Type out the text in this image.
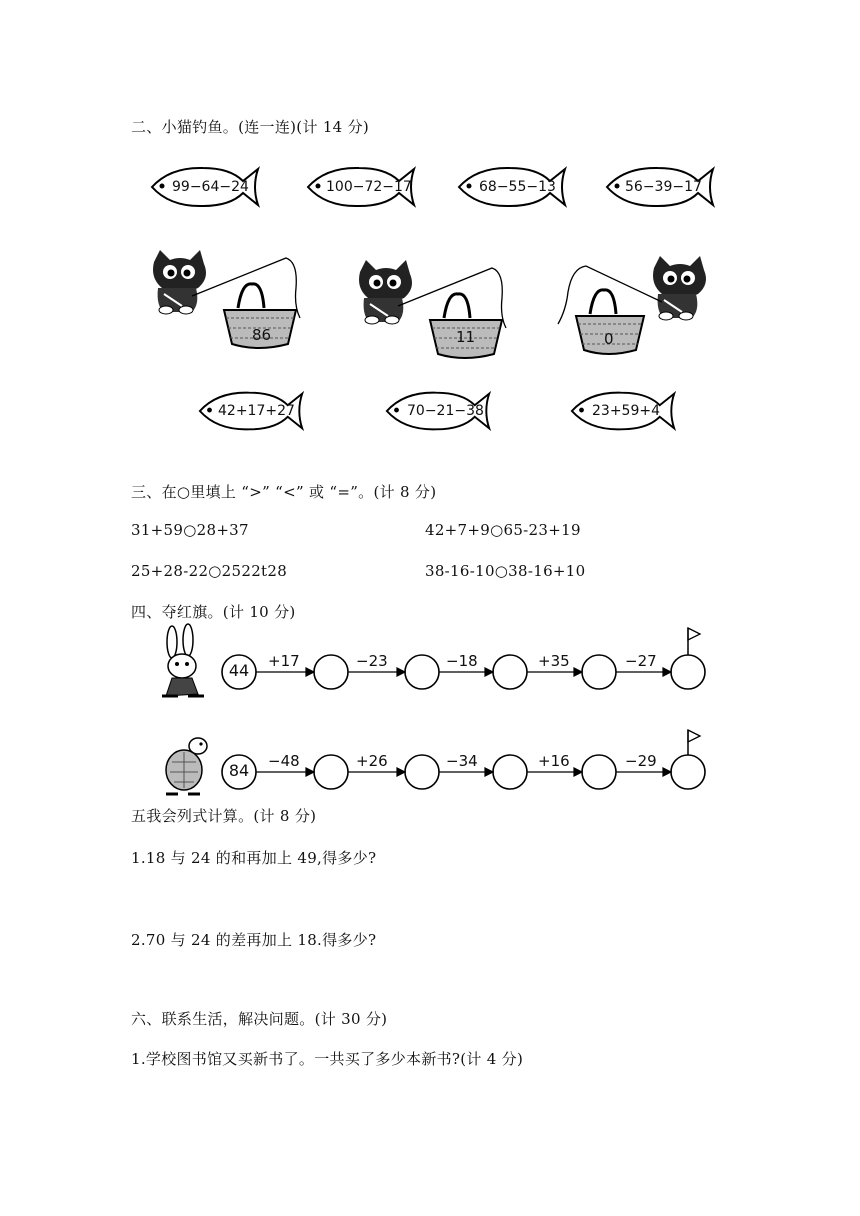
二、小猫钓鱼。(连一连)(计 14 分)
99−64−24	100−72−17	68−55−13	56−39−17
86	11	0
42+17+27	70−21−38	23+59+4
三、在○里填上 “>” “<” 或 “=”。(计 8 分)
31+59○28+37	42+7+9○65-23+19
25+28-22○2522t28	38-16-10○38-16+10
四、夺红旗。(计 10 分)
44	+17	−23	−18	+35	−27
84	−48	+26	−34	+16	−29
五我会列式计算。(计 8 分)
1.18 与 24 的和再加上 49,得多少?
2.70 与 24 的差再加上 18.得多少?
六、联系生活，解决问题。(计 30 分)
1.学校图书馆又买新书了。一共买了多少本新书?(计 4 分)
